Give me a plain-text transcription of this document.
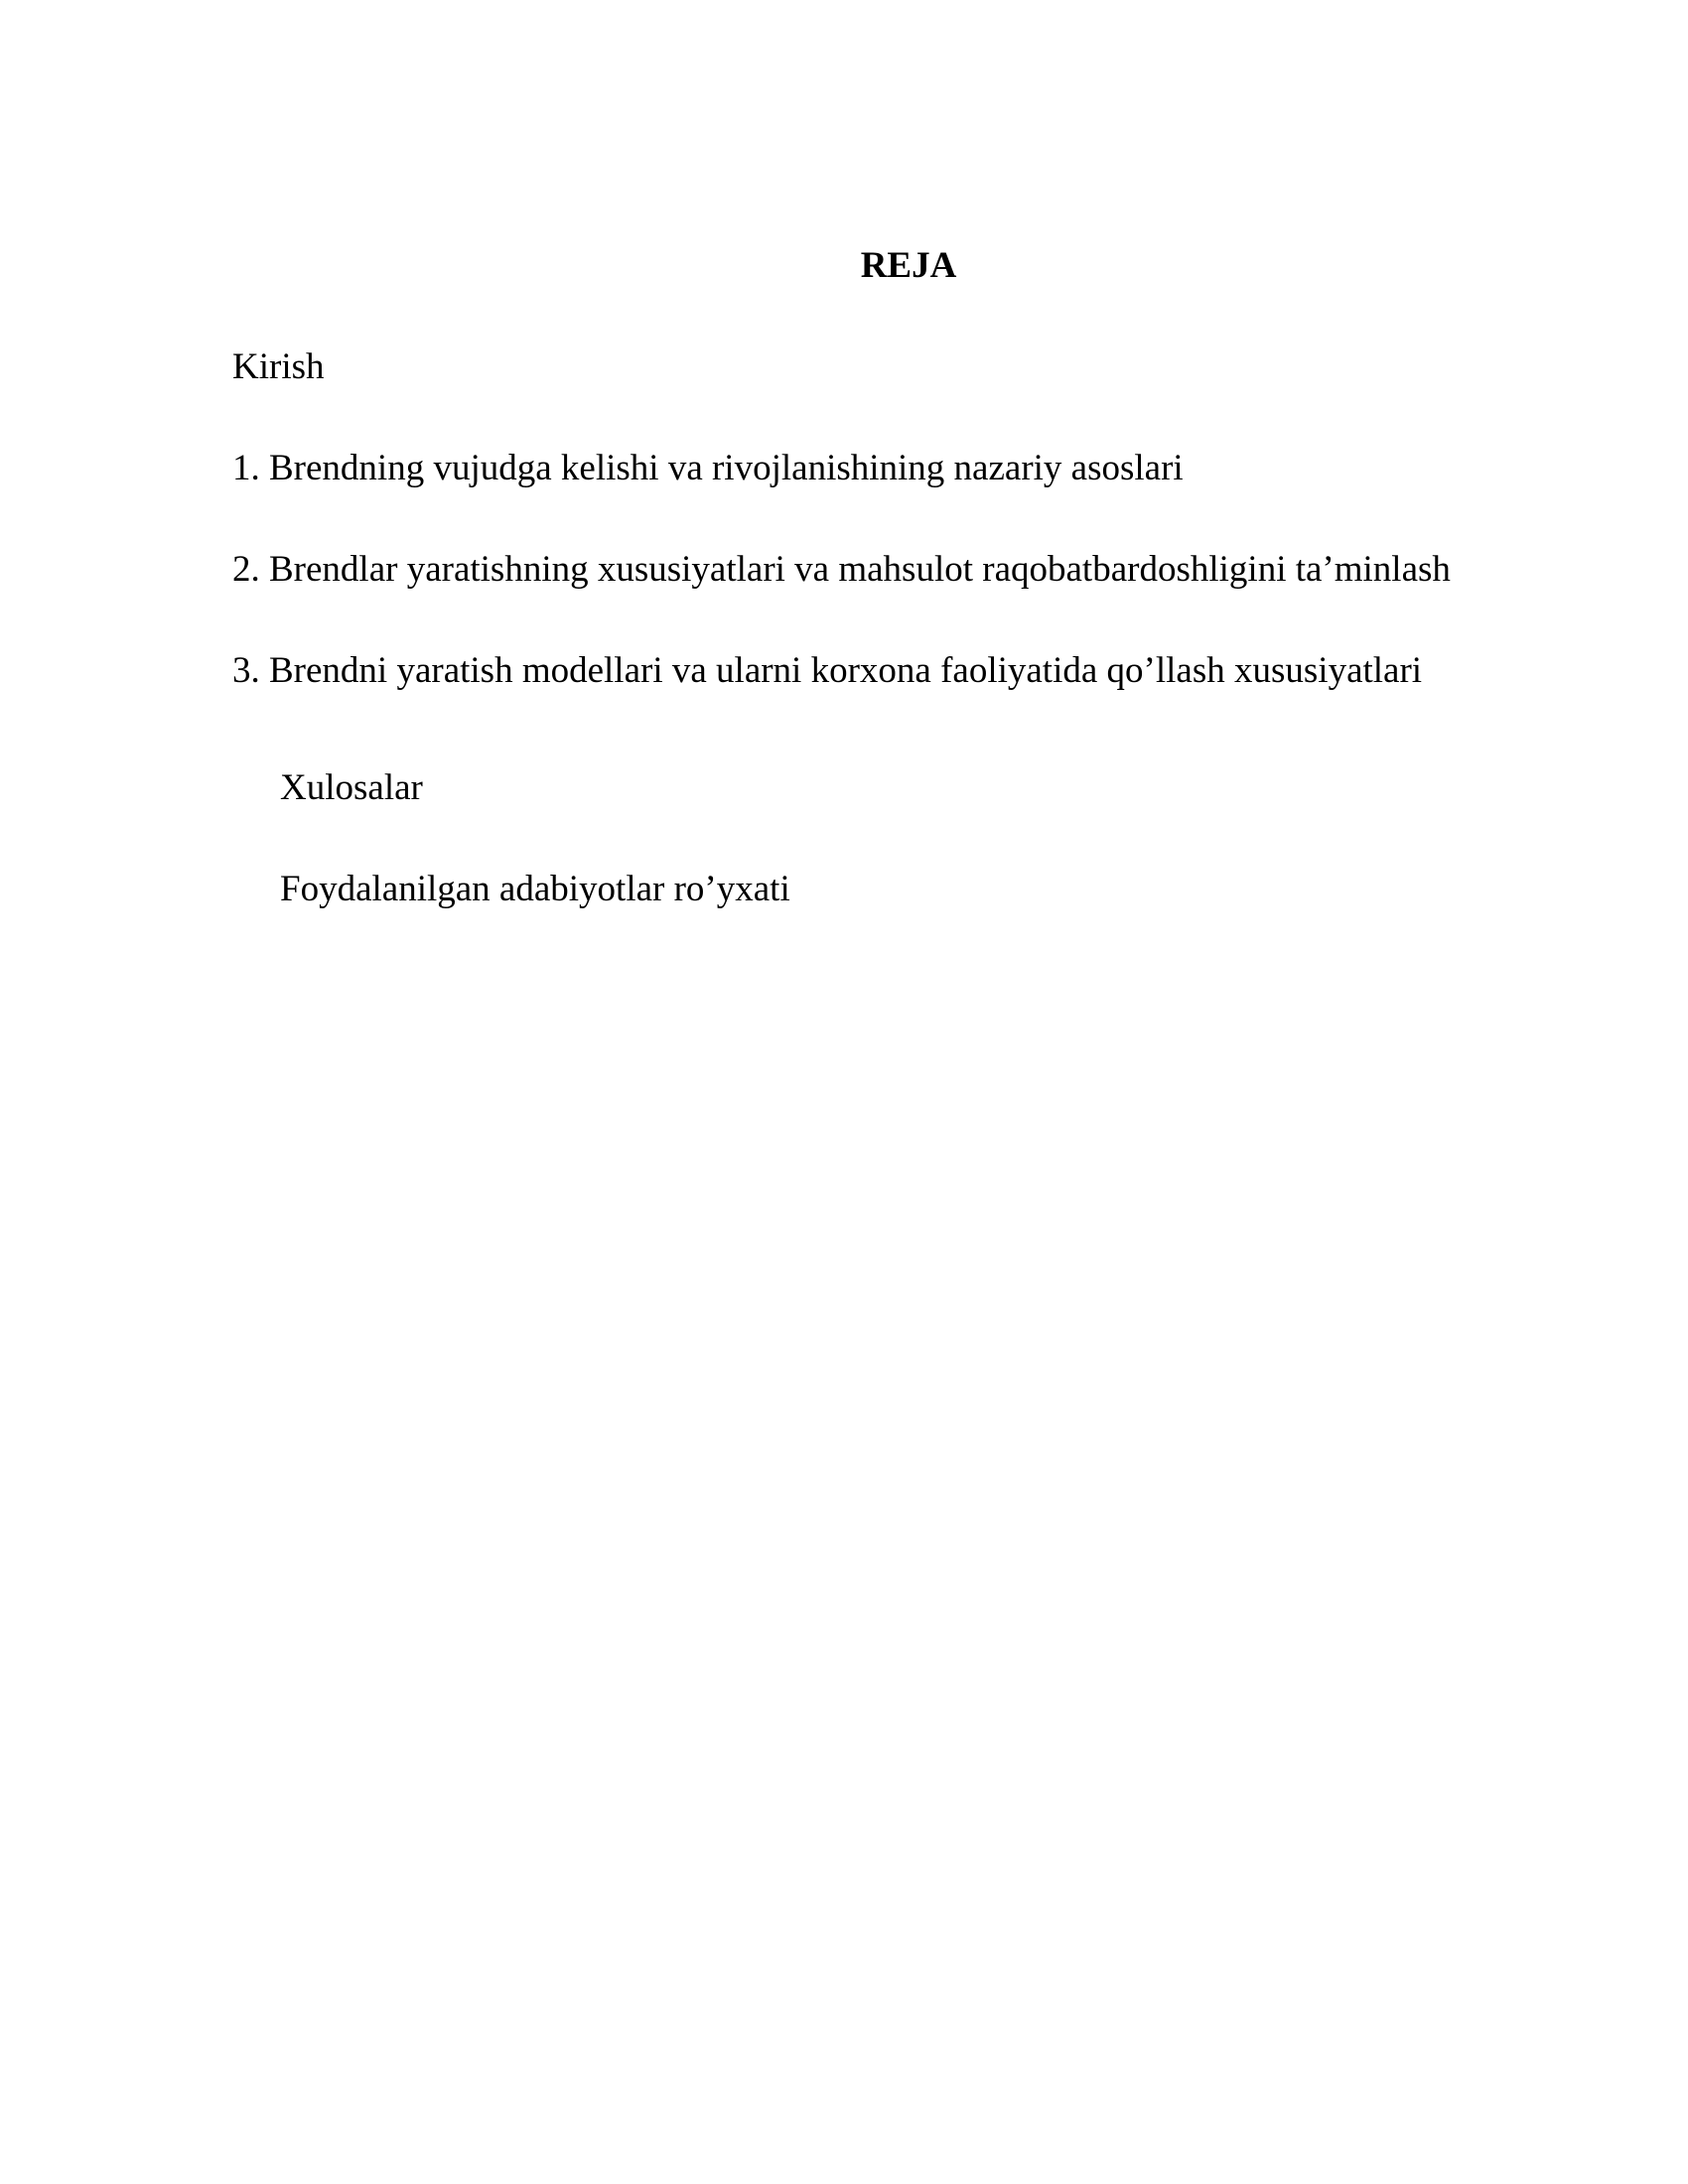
REJA

Kirish

1. Brendning vujudga kelishi va rivojlanishining nazariy asoslari

2. Brendlar yaratishning xususiyatlari va mahsulot raqobatbardoshligini ta’minlash

3. Brendni yaratish modellari va ularni korxona faoliyatida qo’llash xususiyatlari

Xulosalar

Foydalanilgan adabiyotlar ro’yxati
